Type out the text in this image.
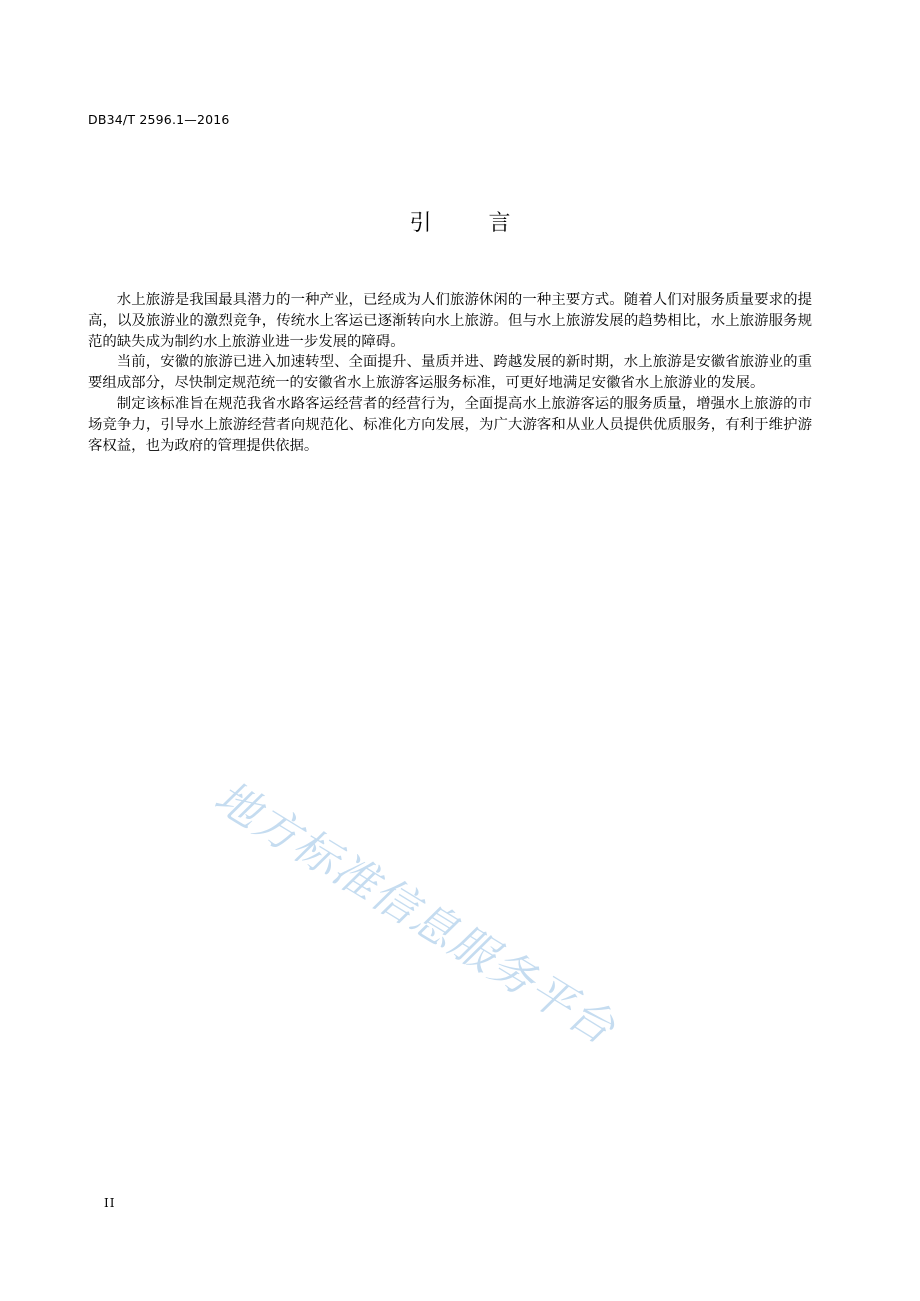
DB34/T 2596.1—2016
引 言

水上旅游是我国最具潜力的一种产业，已经成为人们旅游休闲的一种主要方式。随着人们对服务质量要求的提高，以及旅游业的激烈竞争，传统水上客运已逐渐转向水上旅游。但与水上旅游发展的趋势相比，水上旅游服务规范的缺失成为制约水上旅游业进一步发展的障碍。

当前，安徽的旅游已进入加速转型、全面提升、量质并进、跨越发展的新时期，水上旅游是安徽省旅游业的重要组成部分，尽快制定规范统一的安徽省水上旅游客运服务标准，可更好地满足安徽省水上旅游业的发展。

制定该标准旨在规范我省水路客运经营者的经营行为，全面提高水上旅游客运的服务质量，增强水上旅游的市场竞争力，引导水上旅游经营者向规范化、标准化方向发展，为广大游客和从业人员提供优质服务，有利于维护游客权益，也为政府的管理提供依据。

地方标准信息服务平台
II
